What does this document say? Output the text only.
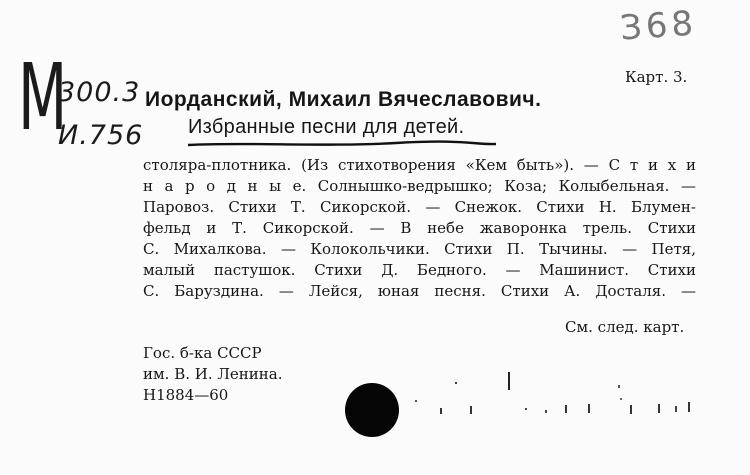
З68
М
300.3
И.756
Карт. 3.
Иорданский, Михаил Вячеславович.
Избранные песни для детей.
столяра-плотника. (Из стихотворения «Кем быть»). — С т и х и
н а р о д н ы е. Солнышко-ведрышко; Коза; Колыбельная. —
Паровоз. Стихи Т. Сикорской. — Снежок. Стихи Н. Блумен-
фельд и Т. Сикорской. — В небе жаворонка трель. Стихи
С. Михалкова. — Колокольчики. Стихи П. Тычины. — Петя,
малый пастушок. Стихи Д. Бедного. — Машинист. Стихи
С. Баруздина. — Лейся, юная песня. Стихи А. Досталя. —
См. след. карт.
Гос. б-ка СССР
им. В. И. Ленина.
Н1884—60
